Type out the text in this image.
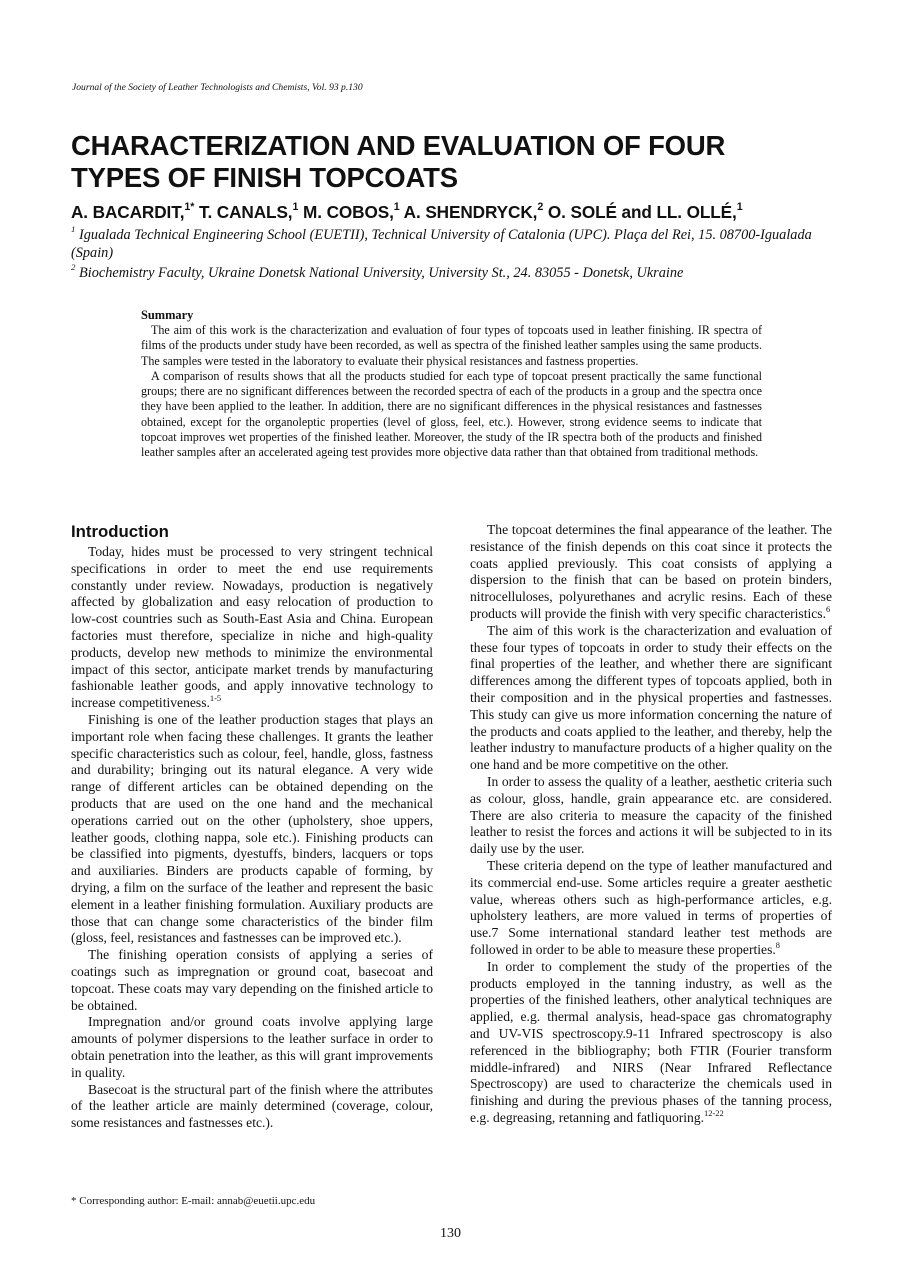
Journal of the Society of Leather Technologists and Chemists, Vol. 93 p.130
CHARACTERIZATION AND EVALUATION OF FOUR
TYPES OF FINISH TOPCOATS
A. BACARDIT,$^{1*}$ T. CANALS,$^1$ M. COBOS,$^1$ A. SHENDRYCK,$^2$ O. SOLÉ and LL. OLLÉ,$^1$
$^1$ Igualada Technical Engineering School (EUETII), Technical University of Catalonia (UPC). Plaça del Rei, 15. 08700-Igualada (Spain)
$^2$ Biochemistry Faculty, Ukraine Donetsk National University, University St., 24. 83055 - Donetsk, Ukraine
Summary

The aim of this work is the characterization and evaluation of four types of topcoats used in leather finishing. IR spectra of films of the products under study have been recorded, as well as spectra of the finished leather samples using the same products. The samples were tested in the laboratory to evaluate their physical resistances and fastness properties.

A comparison of results shows that all the products studied for each type of topcoat present practically the same functional groups; there are no significant differences between the recorded spectra of each of the products in a group and the spectra once they have been applied to the leather. In addition, there are no significant differences in the physical resistances and fastnesses obtained, except for the organoleptic properties (level of gloss, feel, etc.). However, strong evidence seems to indicate that topcoat improves wet properties of the finished leather. Moreover, the study of the IR spectra both of the products and finished leather samples after an accelerated ageing test provides more objective data rather than that obtained from traditional methods.

Introduction

Today, hides must be processed to very stringent technical specifications in order to meet the end use requirements constantly under review. Nowadays, production is negatively affected by globalization and easy relocation of production to low-cost countries such as South-East Asia and China. European factories must therefore, specialize in niche and high-quality products, develop new methods to minimize the environmental impact of this sector, anticipate market trends by manufacturing fashionable leather goods, and apply innovative technology to increase competitiveness.$^{1-5}$

Finishing is one of the leather production stages that plays an important role when facing these challenges. It grants the leather specific characteristics such as colour, feel, handle, gloss, fastness and durability; bringing out its natural elegance. A very wide range of different articles can be obtained depending on the products that are used on the one hand and the mechanical operations carried out on the other (upholstery, shoe uppers, leather goods, clothing nappa, sole etc.). Finishing products can be classified into pigments, dyestuffs, binders, lacquers or tops and auxiliaries. Binders are products capable of forming, by drying, a film on the surface of the leather and represent the basic element in a leather finishing formulation. Auxiliary products are those that can change some characteristics of the binder film (gloss, feel, resistances and fastnesses can be improved etc.).

The finishing operation consists of applying a series of coatings such as impregnation or ground coat, basecoat and topcoat. These coats may vary depending on the finished article to be obtained.

Impregnation and/or ground coats involve applying large amounts of polymer dispersions to the leather surface in order to obtain penetration into the leather, as this will grant improvements in quality.

Basecoat is the structural part of the finish where the attributes of the leather article are mainly determined (coverage, colour, some resistances and fastnesses etc.).

The topcoat determines the final appearance of the leather. The resistance of the finish depends on this coat since it protects the coats applied previously. This coat consists of applying a dispersion to the finish that can be based on protein binders, nitrocelluloses, polyurethanes and acrylic resins. Each of these products will provide the finish with very specific characteristics.$^6$

The aim of this work is the characterization and evaluation of these four types of topcoats in order to study their effects on the final properties of the leather, and whether there are significant differences among the different types of topcoats applied, both in their composition and in the physical properties and fastnesses. This study can give us more information concerning the nature of the products and coats applied to the leather, and thereby, help the leather industry to manufacture products of a higher quality on the one hand and be more competitive on the other.

In order to assess the quality of a leather, aesthetic criteria such as colour, gloss, handle, grain appearance etc. are considered. There are also criteria to measure the capacity of the finished leather to resist the forces and actions it will be subjected to in its daily use by the user.

These criteria depend on the type of leather manufactured and its commercial end-use. Some articles require a greater aesthetic value, whereas others such as high-performance articles, e.g. upholstery leathers, are more valued in terms of properties of use.7 Some international standard leather test methods are followed in order to be able to measure these properties.$^8$

In order to complement the study of the properties of the products employed in the tanning industry, as well as the properties of the finished leathers, other analytical techniques are applied, e.g. thermal analysis, head-space gas chromatography and UV-VIS spectroscopy.9-11 Infrared spectroscopy is also referenced in the bibliography; both FTIR (Fourier transform middle-infrared) and NIRS (Near Infrared Reflectance Spectroscopy) are used to characterize the chemicals used in finishing and during the previous phases of the tanning process, e.g. degreasing, retanning and fatliquoring.$^{12-22}$

* Corresponding author: E-mail: annab@euetii.upc.edu
130
